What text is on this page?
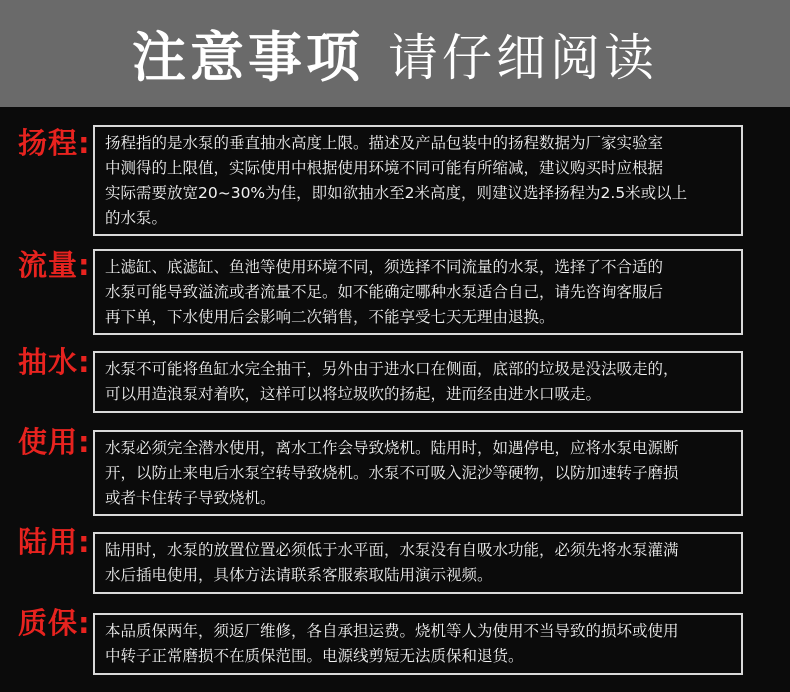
注意事项 请仔细阅读
扬程: 扬程指的是水泵的垂直抽水高度上限。描述及产品包装中的扬程数据为厂家实验室
中测得的上限值，实际使用中根据使用环境不同可能有所缩减，建议购买时应根据
实际需要放宽20~30%为佳，即如欲抽水至2米高度，则建议选择扬程为2.5米或以上
的水泵。
流量: 上滤缸、底滤缸、鱼池等使用环境不同，须选择不同流量的水泵，选择了不合适的
水泵可能导致溢流或者流量不足。如不能确定哪种水泵适合自己，请先咨询客服后
再下单，下水使用后会影响二次销售，不能享受七天无理由退换。
抽水: 水泵不可能将鱼缸水完全抽干，另外由于进水口在侧面，底部的垃圾是没法吸走的，
可以用造浪泵对着吹，这样可以将垃圾吹的扬起，进而经由进水口吸走。
使用: 水泵必须完全潜水使用，离水工作会导致烧机。陆用时，如遇停电，应将水泵电源断
开，以防止来电后水泵空转导致烧机。水泵不可吸入泥沙等硬物，以防加速转子磨损
或者卡住转子导致烧机。
陆用: 陆用时，水泵的放置位置必须低于水平面，水泵没有自吸水功能，必须先将水泵灌满
水后插电使用，具体方法请联系客服索取陆用演示视频。
质保: 本品质保两年，须返厂维修，各自承担运费。烧机等人为使用不当导致的损坏或使用
中转子正常磨损不在质保范围。电源线剪短无法质保和退货。
